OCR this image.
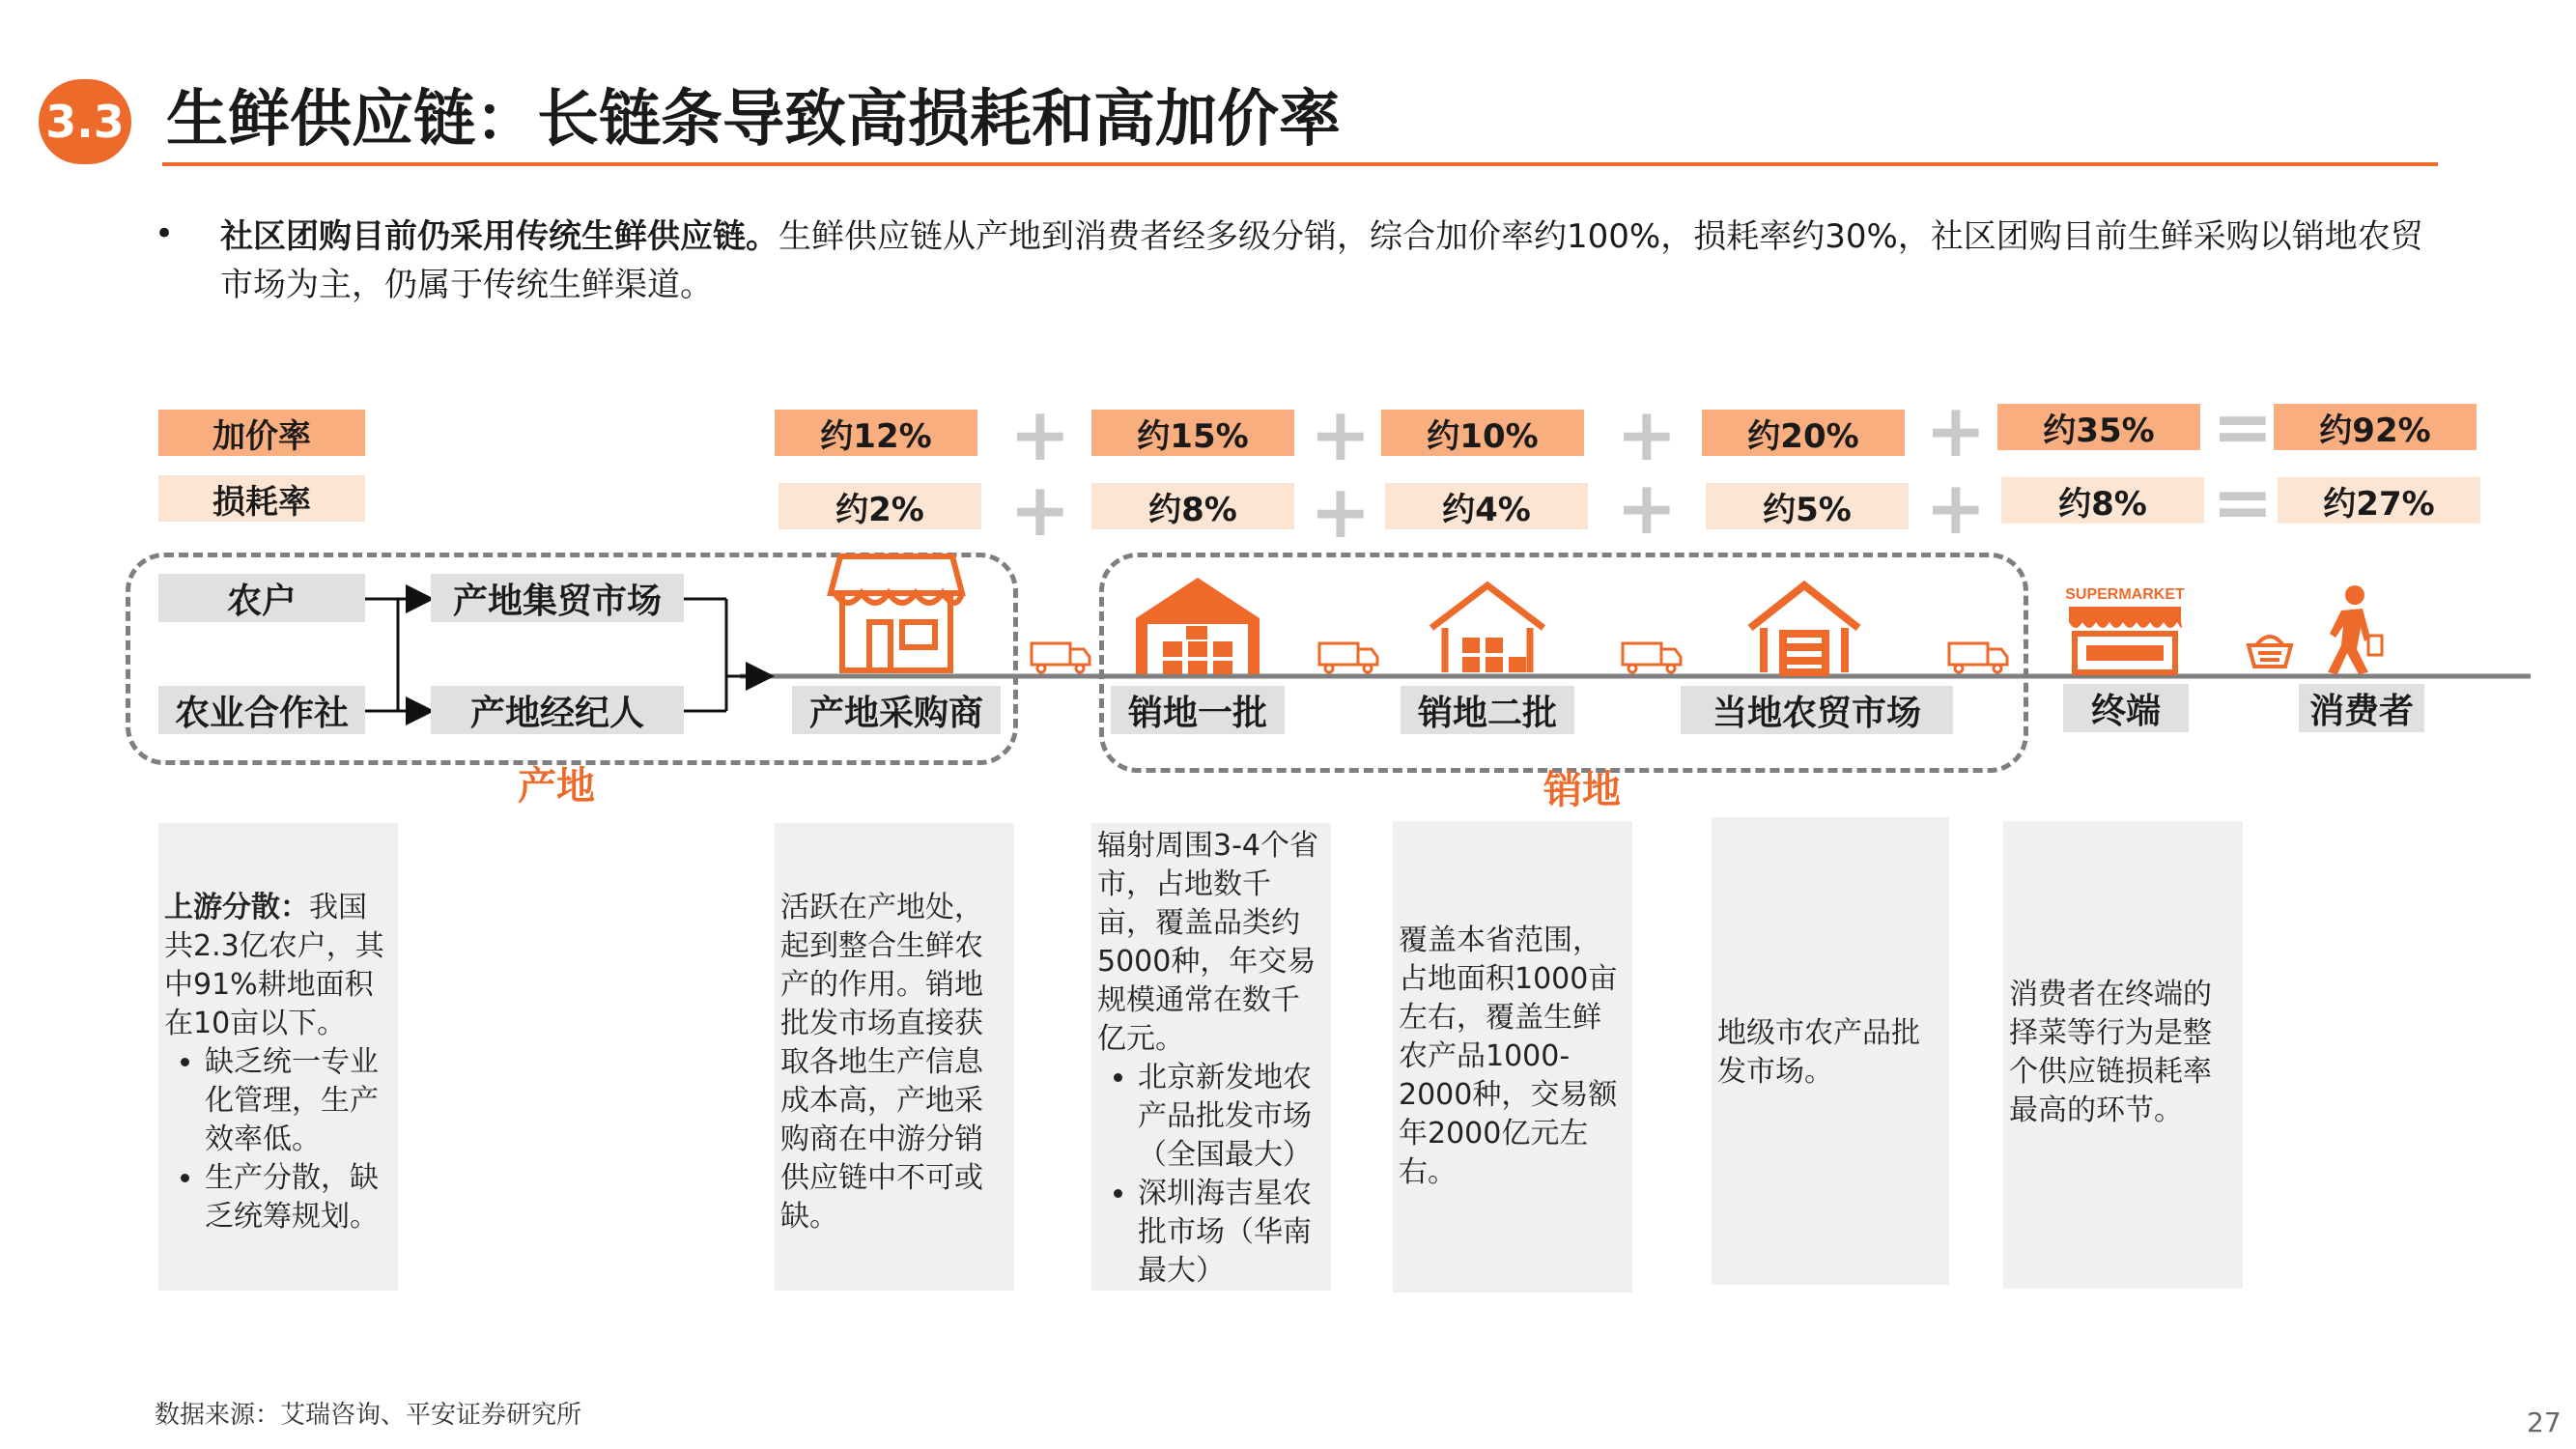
3.3 生鲜供应链：长链条导致高损耗和高加价率
• 社区团购目前仍采用传统生鲜供应链。生鲜供应链从产地到消费者经多级分销，综合加价率约100%，损耗率约30%，社区团购目前生鲜采购以销地农贸市场为主，仍属于传统生鲜渠道。
加价率
损耗率
约12%	约15%	约10%	约20%	约35%	约92%
约2%	约8%	约4%	约5%	约8%	约27%
+	+	+	+	=
+	+	+	+	=
SUPERMARKET
农户
农业合作社
产地集贸市场
产地经纪人	产地采购商	销地一批	销地二批	当地农贸市场	终端	消费者
产地	销地
上游分散：我国共2.3亿农户，其中91%耕地面积在10亩以下。
• 缺乏统一专业化管理，生产效率低。
• 生产分散，缺乏统筹规划。
活跃在产地处，起到整合生鲜农产的作用。销地批发市场直接获取各地生产信息成本高，产地采购商在中游分销供应链中不可或缺。
辐射周围3-4个省市，占地数千亩，覆盖品类约5000种，年交易规模通常在数千亿元。
• 北京新发地农产品批发市场（全国最大）
• 深圳海吉星农批市场（华南最大）
覆盖本省范围，占地面积1000亩左右，覆盖生鲜农产品1000-2000种，交易额年2000亿元左右。
地级市农产品批发市场。
消费者在终端的择菜等行为是整个供应链损耗率最高的环节。
数据来源：艾瑞咨询、平安证券研究所	27
